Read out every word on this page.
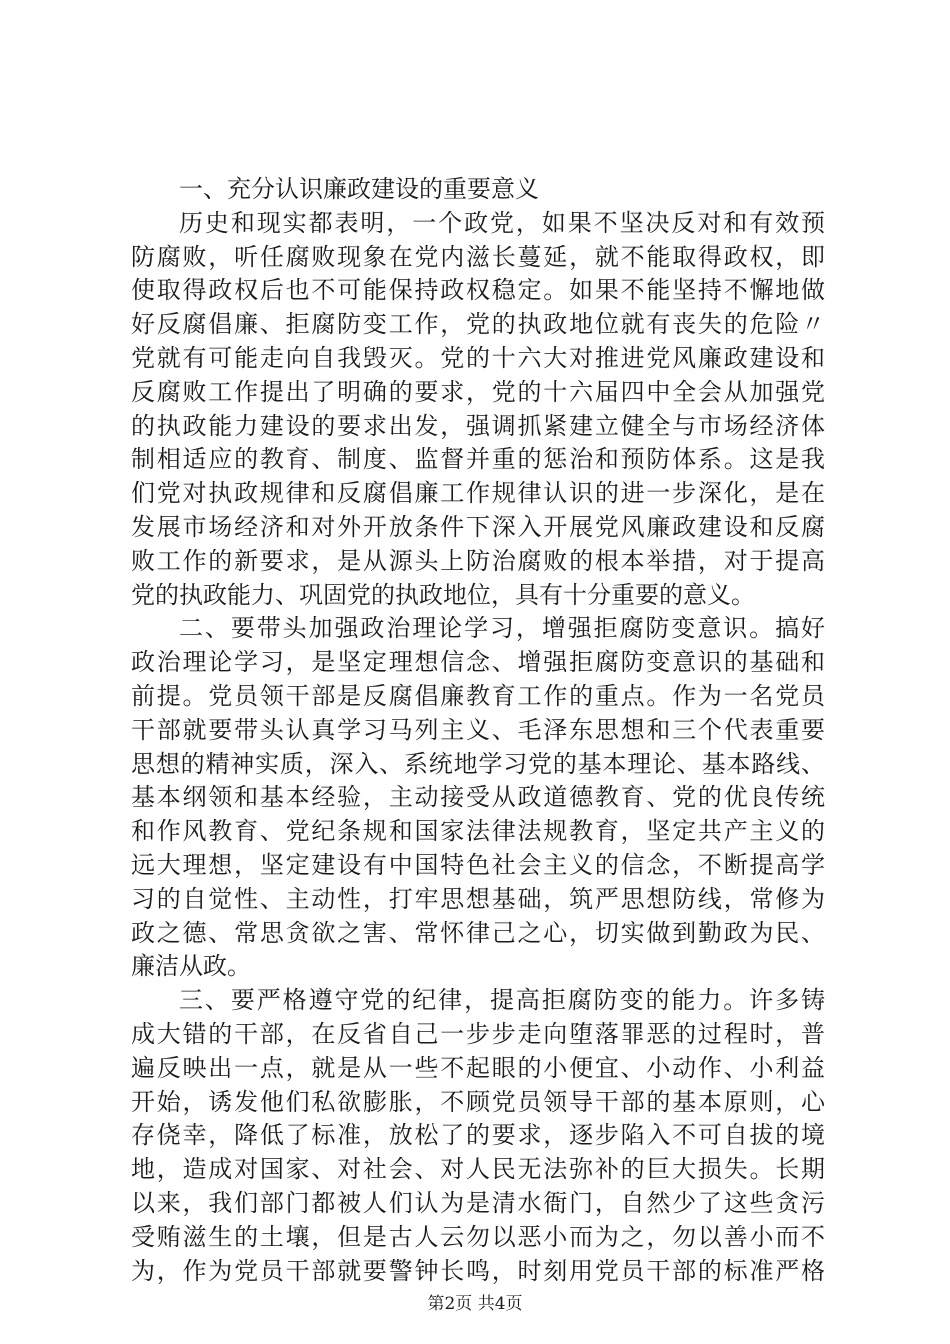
一、充分认识廉政建设的重要意义
历史和现实都表明，一个政党，如果不坚决反对和有效预
防腐败，听任腐败现象在党内滋长蔓延，就不能取得政权，即
使取得政权后也不可能保持政权稳定。如果不能坚持不懈地做
好反腐倡廉、拒腐防变工作，党的执政地位就有丧失的危险〃
党就有可能走向自我毁灭。党的十六大对推进党风廉政建设和
反腐败工作提出了明确的要求，党的十六届四中全会从加强党
的执政能力建设的要求出发，强调抓紧建立健全与市场经济体
制相适应的教育、制度、监督并重的惩治和预防体系。这是我
们党对执政规律和反腐倡廉工作规律认识的进一步深化，是在
发展市场经济和对外开放条件下深入开展党风廉政建设和反腐
败工作的新要求，是从源头上防治腐败的根本举措，对于提高
党的执政能力、巩固党的执政地位，具有十分重要的意义。
二、要带头加强政治理论学习，增强拒腐防变意识。搞好
政治理论学习，是坚定理想信念、增强拒腐防变意识的基础和
前提。党员领干部是反腐倡廉教育工作的重点。作为一名党员
干部就要带头认真学习马列主义、毛泽东思想和三个代表重要
思想的精神实质，深入、系统地学习党的基本理论、基本路线、
基本纲领和基本经验，主动接受从政道德教育、党的优良传统
和作风教育、党纪条规和国家法律法规教育，坚定共产主义的
远大理想，坚定建设有中国特色社会主义的信念，不断提高学
习的自觉性、主动性，打牢思想基础，筑严思想防线，常修为
政之德、常思贪欲之害、常怀律己之心，切实做到勤政为民、
廉洁从政。
三、要严格遵守党的纪律，提高拒腐防变的能力。许多铸
成大错的干部，在反省自己一步步走向堕落罪恶的过程时，普
遍反映出一点，就是从一些不起眼的小便宜、小动作、小利益
开始，诱发他们私欲膨胀，不顾党员领导干部的基本原则，心
存侥幸，降低了标准，放松了的要求，逐步陷入不可自拔的境
地，造成对国家、对社会、对人民无法弥补的巨大损失。长期
以来，我们部门都被人们认为是清水衙门，自然少了这些贪污
受贿滋生的土壤，但是古人云勿以恶小而为之，勿以善小而不
为，作为党员干部就要警钟长鸣，时刻用党员干部的标准严格
第2页 共4页
